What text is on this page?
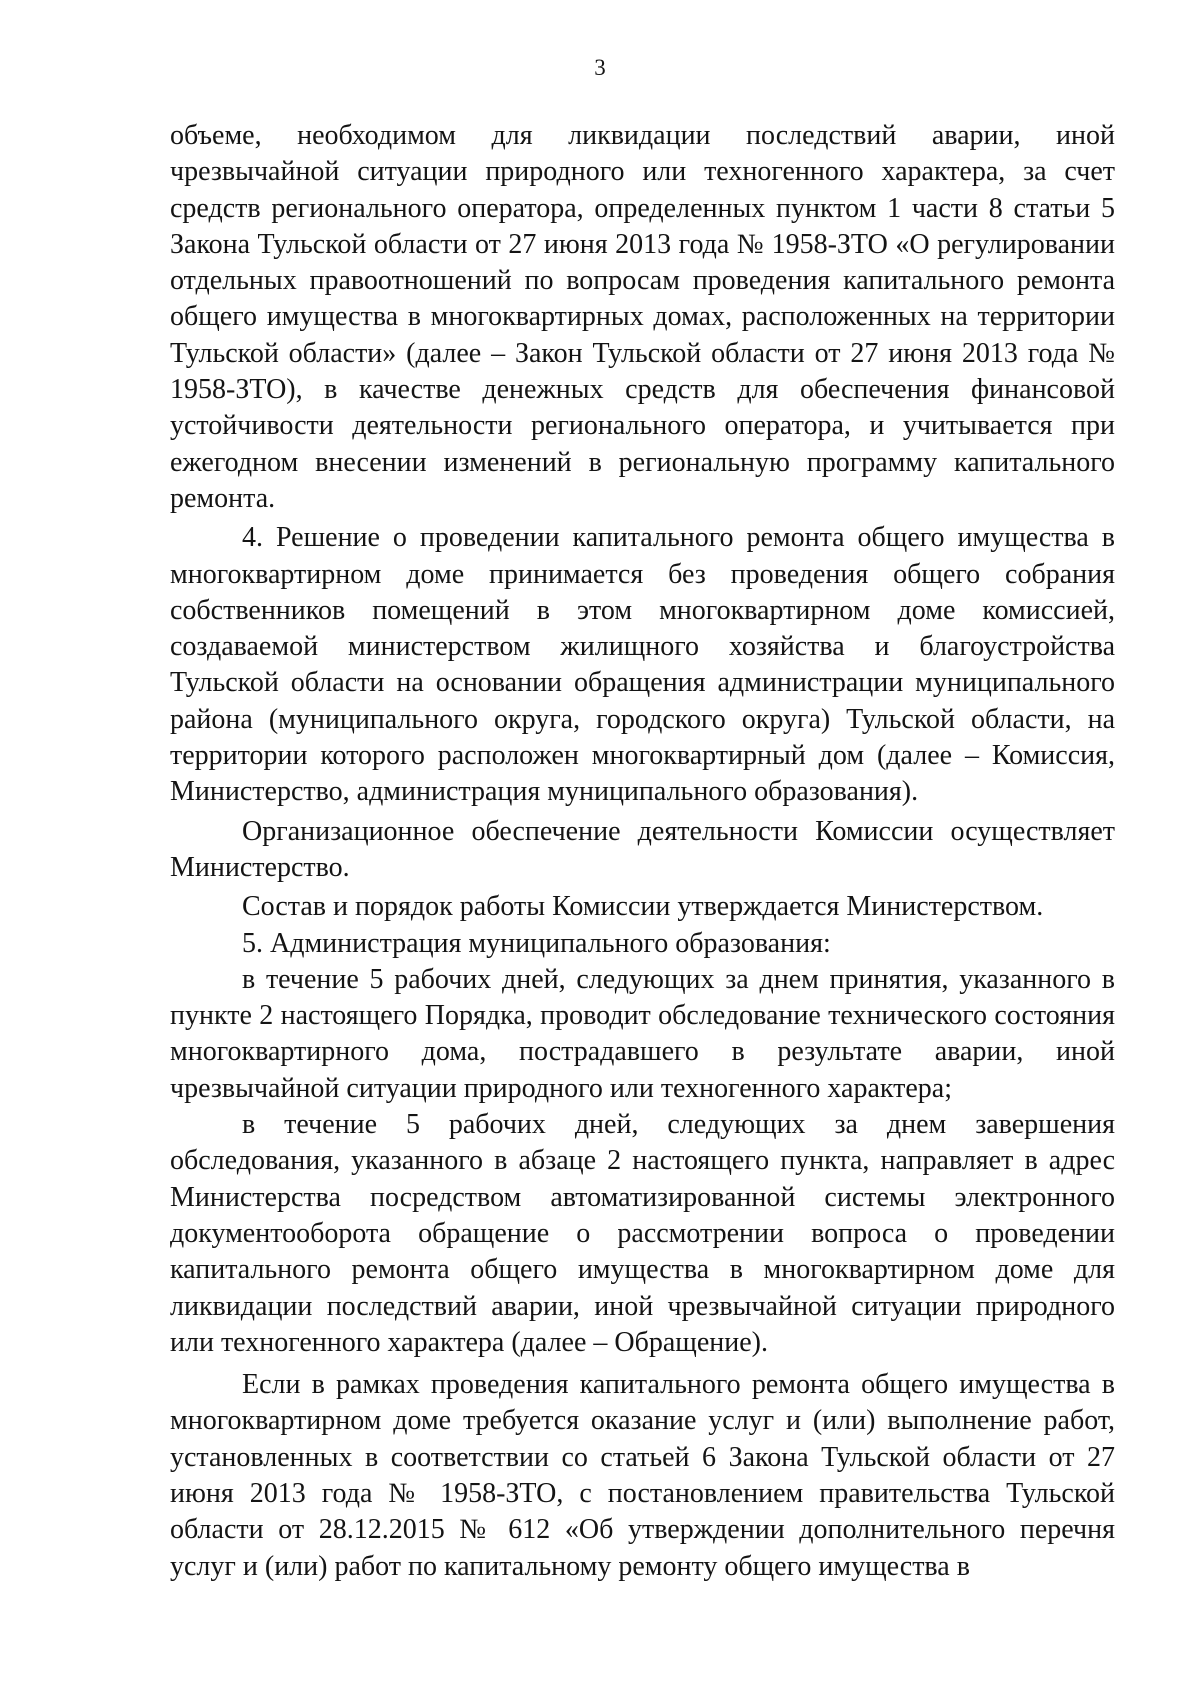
3

объеме, необходимом для ликвидации последствий аварии, иной чрезвычайной ситуации природного или техногенного характера, за счет средств регионального оператора, определенных пунктом 1 части 8 статьи 5 Закона Тульской области от 27 июня 2013 года № 1958-ЗТО «О регулировании отдельных правоотношений по вопросам проведения капитального ремонта общего имущества в многоквартирных домах, расположенных на территории Тульской области» (далее – Закон Тульской области от 27 июня 2013 года № 1958-ЗТО), в качестве денежных средств для обеспечения финансовой устойчивости деятельности регионального оператора, и учитывается при ежегодном внесении изменений в региональную программу капитального ремонта.

4. Решение о проведении капитального ремонта общего имущества в многоквартирном доме принимается без проведения общего собрания собственников помещений в этом многоквартирном доме комиссией, создаваемой министерством жилищного хозяйства и благоустройства Тульской области на основании обращения администрации муниципального района (муниципального округа, городского округа) Тульской области, на территории которого расположен многоквартирный дом (далее – Комиссия, Министерство, администрация муниципального образования).

Организационное обеспечение деятельности Комиссии осуществляет Министерство.

Состав и порядок работы Комиссии утверждается Министерством.

5. Администрация муниципального образования:

в течение 5 рабочих дней, следующих за днем принятия, указанного в пункте 2 настоящего Порядка, проводит обследование технического состояния многоквартирного дома, пострадавшего в результате аварии, иной чрезвычайной ситуации природного или техногенного характера;

в течение 5 рабочих дней, следующих за днем завершения обследования, указанного в абзаце 2 настоящего пункта, направляет в адрес Министерства посредством автоматизированной системы электронного документооборота обращение о рассмотрении вопроса о проведении капитального ремонта общего имущества в многоквартирном доме для ликвидации последствий аварии, иной чрезвычайной ситуации природного или техногенного характера (далее – Обращение).

Если в рамках проведения капитального ремонта общего имущества в многоквартирном доме требуется оказание услуг и (или) выполнение работ, установленных в соответствии со статьей 6 Закона Тульской области от 27 июня 2013 года № 1958-ЗТО, с постановлением правительства Тульской области от 28.12.2015 № 612 «Об утверждении дополнительного перечня услуг и (или) работ по капитальному ремонту общего имущества в
